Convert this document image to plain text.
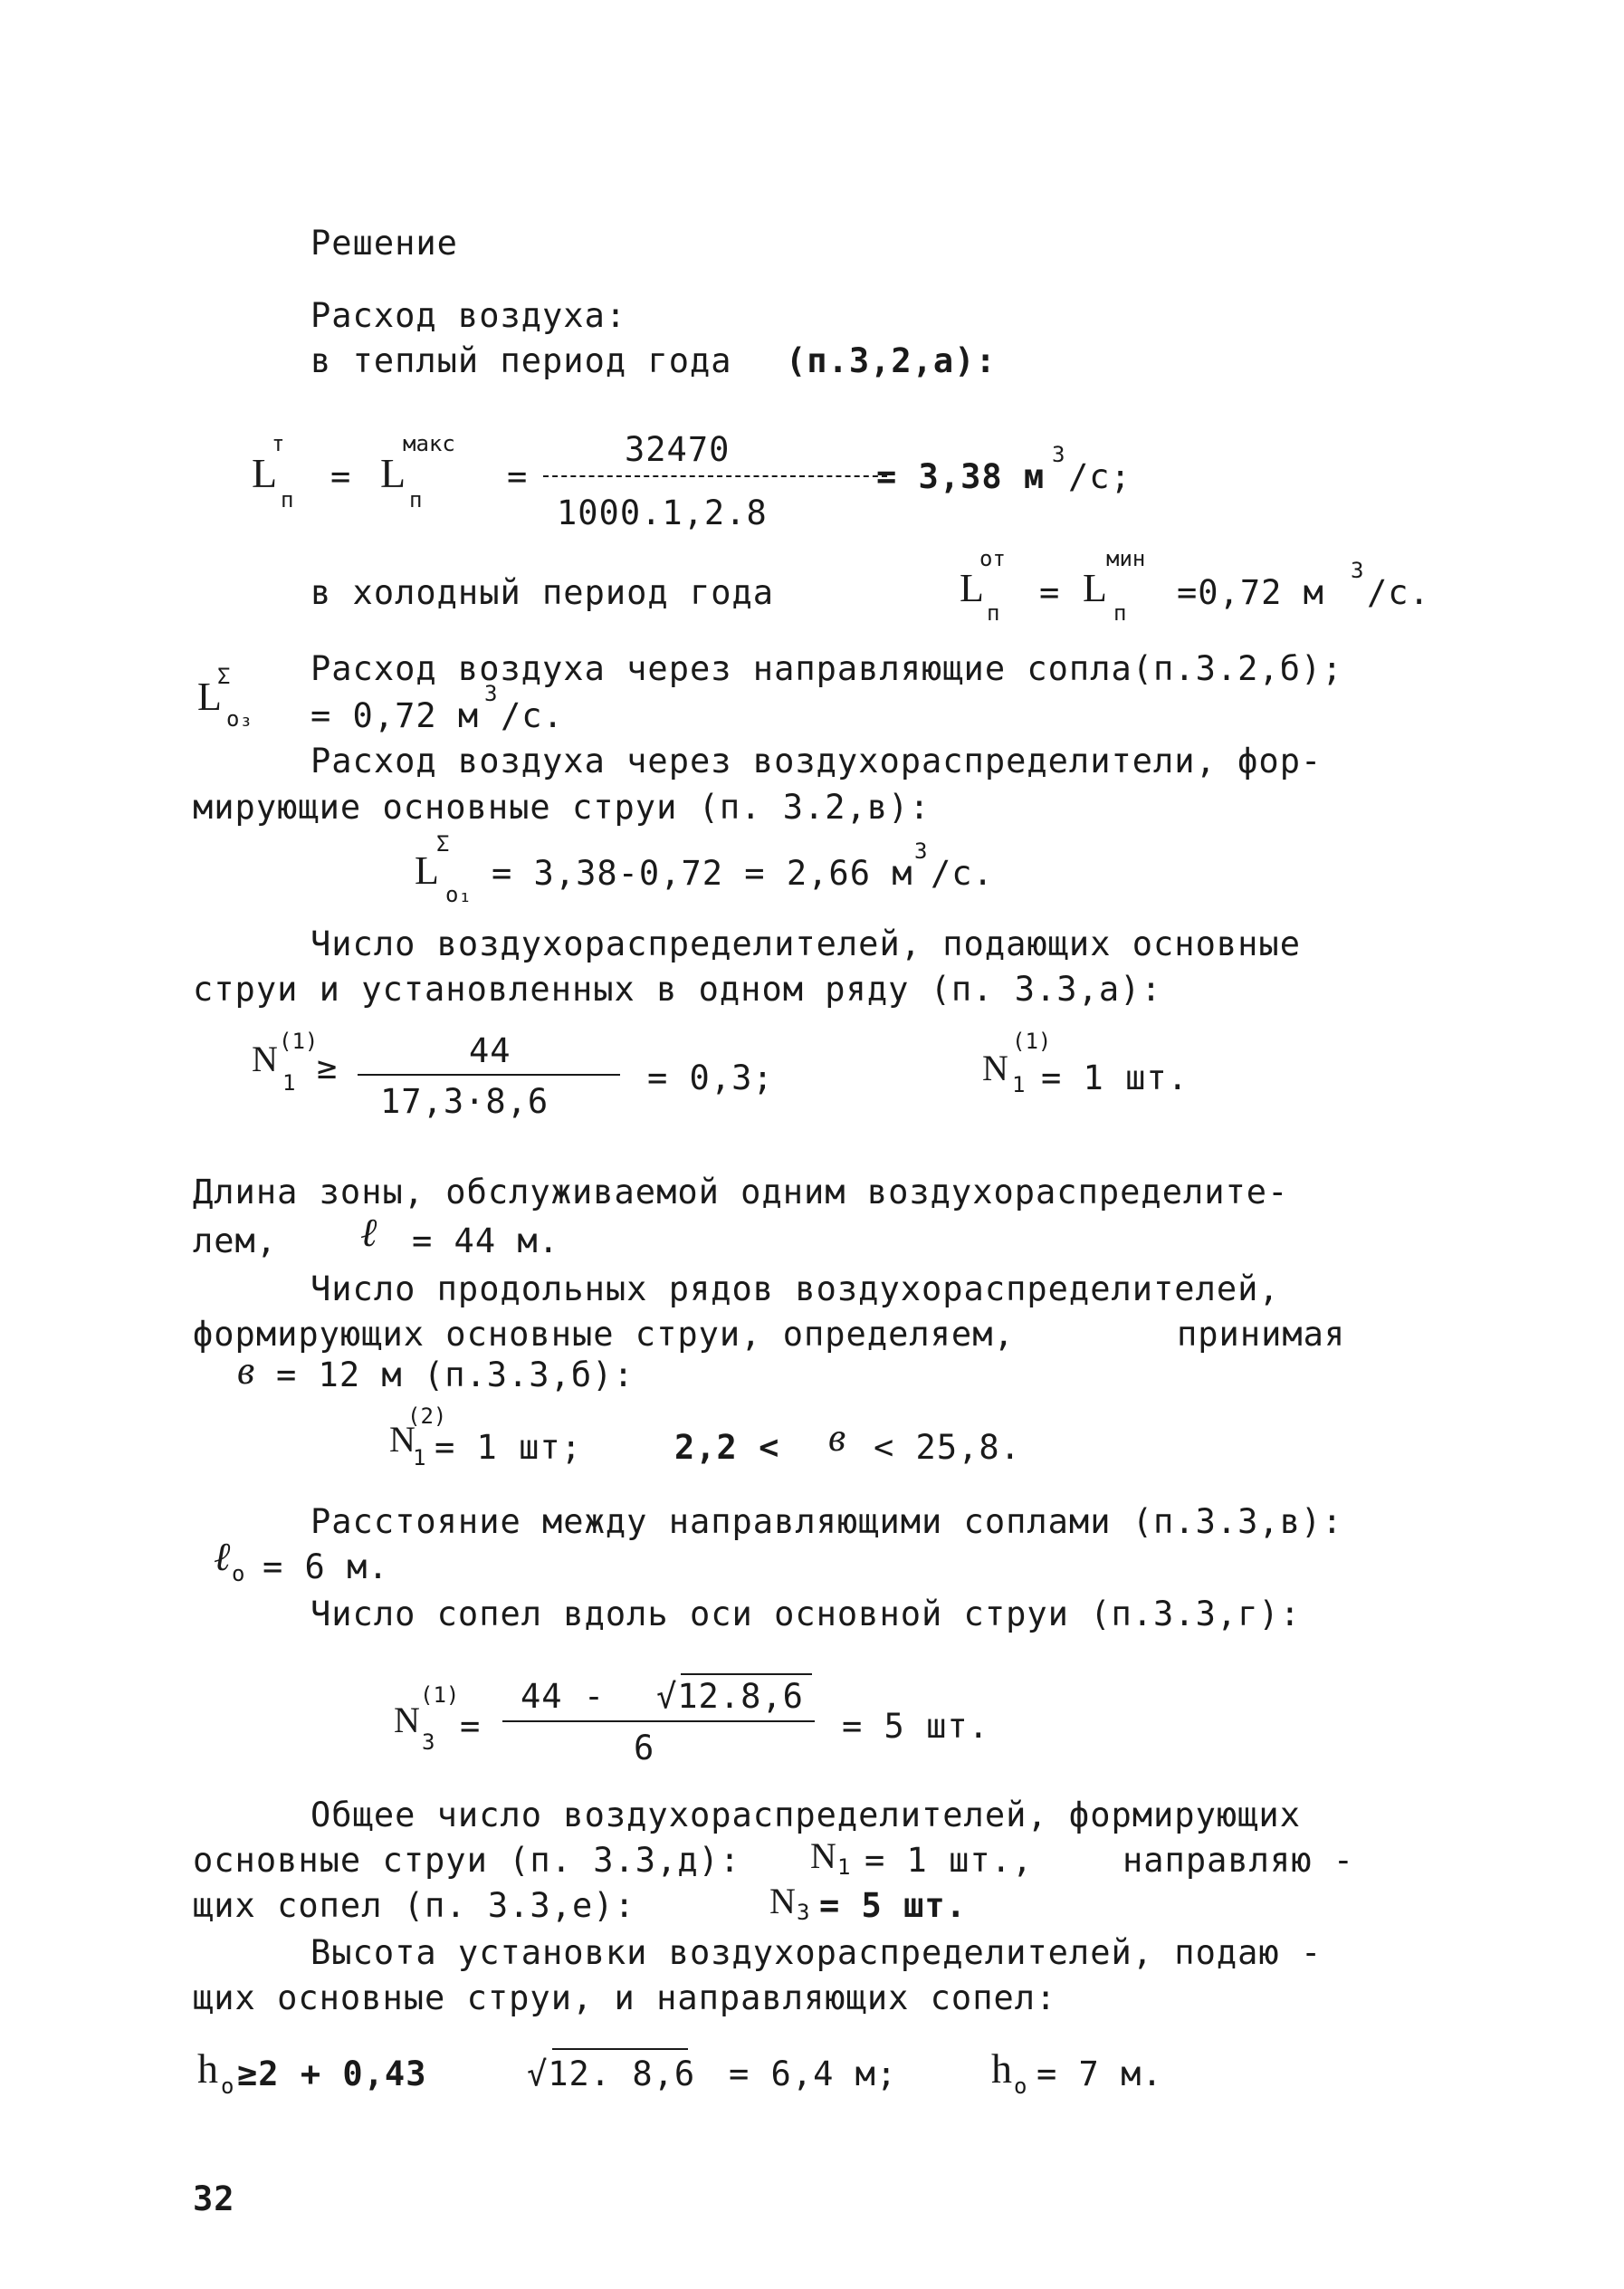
Решение
Расход воздуха:
в теплый период года (п.3,2,а):
L
т
п
= L
макс
п
=
32470
1000.1,2.8
= 3,38 м
3
/с;
в холодный период года	L
от
п
= L
мин
п
=0,72 м
3
/с.
Расход воздуха через направляющие сопла(п.3.2,б);
L
Σ
о₃ = 0,72 м
3
/с.
Расход воздуха через воздухораспределители, фор-
мирующие основные струи (п. 3.2,в):
L
Σ
о₁
= 3,38-0,72 = 2,66 м
3
/с.
Число воздухораспределителей, подающих основные
струи и установленных в одном ряду (п. 3.3,а):
N (1)
1 ≥	44
17,3·8,6
= 0,3;	N
(1)
1 = 1 шт.
Длина зоны, обслуживаемой одним воздухораспределите-
лем, ℓ = 44 м.
Число продольных рядов воздухораспределителей,
формирующих основные струи, определяем,	принимая
в = 12 м (п.3.3,б):
N
(2)
1 = 1 шт;	2,2 < в < 25,8.
Расстояние между направляющими соплами (п.3.3,в):
ℓ о = 6 м.
Число сопел вдоль оси основной струи (п.3.3,г):
N
(1)
3 =
44 - √12.8,6
6
= 5 шт.
Общее число воздухораспределителей, формирующих
основные струи (п. 3.3,д): N 1 = 1 шт.,	направляю -
щих сопел (п. 3.3,е):	N 3 = 5 шт.
Высота установки воздухораспределителей, подаю -
щих основные струи, и направляющих сопел:
h о ≥2 + 0,43	√12. 8,6 = 6,4 м; h о = 7 м.
32
